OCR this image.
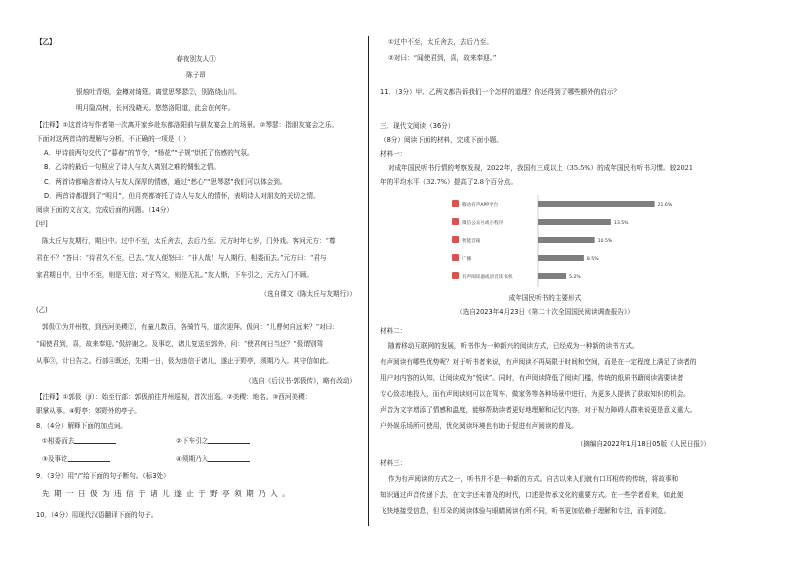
【乙】
春夜别友人①
陈子昂
银烛吐青烟，金樽对绮筵。离堂思琴瑟②，别路绕山川。
明月隐高树，长河没晓天。悠悠洛阳道，此会在何年。
【注释】①这首诗写作者第一次离开家乡赴东都洛阳前与朋友宴会上的场景。②琴瑟：指朋友宴会之乐。
下面对这两首诗的理解与分析，不正确的一项是（ ）
A．甲诗前两句交代了“暮春”的节令，“杨花”“子规”烘托了伤感的气氛。
B．乙诗的最后一句照应了诗人与友人离别之难的惆怅之情。
C．两首诗都喻含着诗人与友人深厚的情感，通过“愁心”“思琴瑟”我们可以体会到。
D．两首诗都提到了“明月”，但月亮都寄托了诗人与友人的情怀，表明诗人对朋友的关切之情。
阅读下面的文言文，完成后面的问题。（14分）
[甲]
陈太丘与友期行，期日中。过中不至，太丘舍去，去后乃至。元方时年七岁，门外戏。客问元方：“尊
君在不？”答曰：“待君久不至，已去。”友人便怒曰：“非人哉！与人期行，相委而去。”元方曰：“君与
家君期日中，日中不至，则是无信；对子骂父，则是无礼。”友人惭，下车引之，元方入门不顾。
（选自课文《陈太丘与友期行》）
(乙)
郭伋①为并州牧，到西河美稷②，有童儿数百，各骑竹马，道次迎拜。伋问：“儿曹何自远来？”对曰：
“闻使君到，喜，故来奉迎。”伋辞谢之。及事讫，诸儿复送至郭外，问：“使君何日当还？”伋谓别驾
从事③，计日告之。行部④既还，先期一日，伋为违信于诸儿，遂止于野亭，须期乃入。其守信如此。
（选自《后汉书·郭伋传》，略有改动）
【注释】①郭伋（jí）：始至行部：郭伋前往并州巡视，首次出巡。②美稷：地名。③西河美稷：
职掌从事。④野亭：郊野外的亭子。
8．（4分）解释下面的加点词。
①相委而去	②下车引之
③及事讫	④须期乃入
9．（3分）用“/”给下面的句子断句。（标3处）
先 期 一 日 伋 为 违 信 于 诸 儿 遂 止 于 野 亭 须 期 乃 入 。
10．（4分）用现代汉语翻译下面的句子。
①过中不至，太丘舍去，去后乃至。
②对曰：“闻使君到，喜，故来奉迎。”
11．（3分）甲、乙两文都告诉我们一个怎样的道理？你还得到了哪些额外的启示？
三．现代文阅读（36分）
（8分）阅读下面的材料，完成下面小题。
材料一：
对成年国民听书行情的考察发现，2022年，我国有三成以上（35.5%）的成年国民有听书习惯。较2021
年的平均水平（32.7%）提高了2.8个百分点。
移动有声APP平台	21.6%
微信公众号或小程序	13.5%
智能音箱	10.5%
广播	8.5%
有声阅读器或语音读书机	5.2%
成年国民听书的主要形式
（选自2023年4月23日《第二十次全国国民阅读调查报告》）
材料二：
随着移动互联网的发展，听书作为一种新兴的阅读方式，已经成为一种新的读书方式。
有声阅读有哪些优势呢？对于听书者来说，有声阅读不再局限于时间和空间，而是在一定程度上满足了读者的
用户对内容的认知，让阅读成为“悦读”。同时，有声阅读降低了阅读门槛，传统的纸质书籍阅读需要读者
专心致志地投入，而有声阅读则可以在驾车、做家务等各种场景中进行，为更多人提供了获取知识的机会。
声音为文字增添了情感和温度，能够帮助读者更好地理解和记忆内容，对于视力障碍人群来说更是意义重大。
户外娱乐场所可使用，优化阅读环境也有助于促进有声阅读的普及。
（摘编自2022年1月18日05版《人民日报》）
材料三：
作为有声阅读的方式之一，听书并不是一种新的方式。自古以来人们就有口耳相传的传统，将故事和
知识通过声音传递下去，在文字还未普及的时代，口述是传承文化的重要方式。在一些学者看来，如此便
飞快地接受信息，但耳朵的阅读体验与眼睛阅读有所不同，听书更加依赖于理解和专注，而非浏览。
